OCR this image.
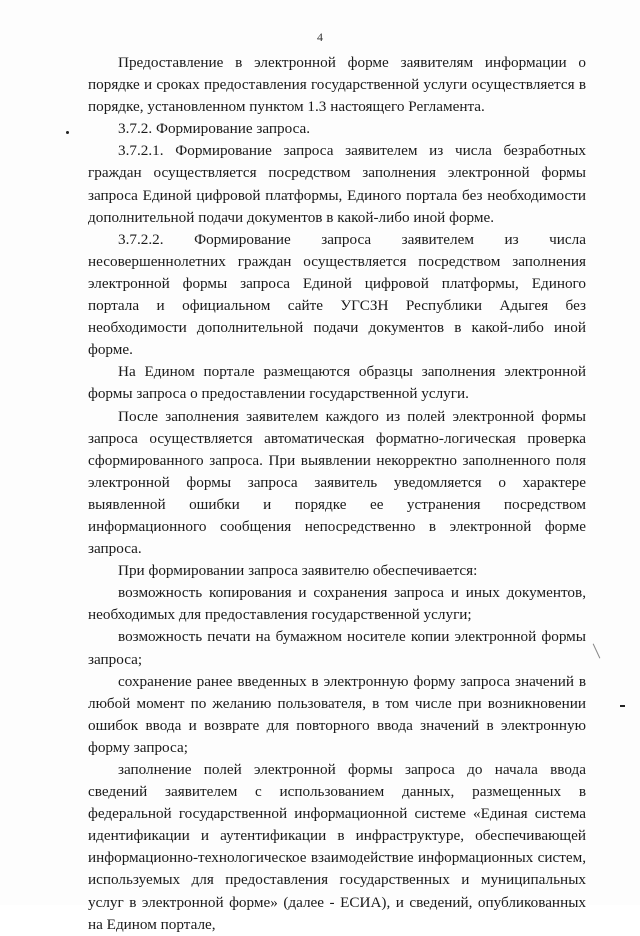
4

Предоставление в электронной форме заявителям информации о порядке и сроках предоставления государственной услуги осуществляется в порядке, установленном пунктом 1.3 настоящего Регламента.

3.7.2. Формирование запроса.

3.7.2.1. Формирование запроса заявителем из числа безработных граждан осуществляется посредством заполнения электронной формы запроса Единой цифровой платформы, Единого портала без необходимости дополнительной подачи документов в какой-либо иной форме.

3.7.2.2. Формирование запроса заявителем из числа несовершеннолетних граждан осуществляется посредством заполнения электронной формы запроса Единой цифровой платформы, Единого портала и официальном сайте УГСЗН Республики Адыгея без необходимости дополнительной подачи документов в какой-либо иной форме.

На Едином портале размещаются образцы заполнения электронной формы запроса о предоставлении государственной услуги.

После заполнения заявителем каждого из полей электронной формы запроса осуществляется автоматическая форматно-логическая проверка сформированного запроса. При выявлении некорректно заполненного поля электронной формы запроса заявитель уведомляется о характере выявленной ошибки и порядке ее устранения посредством информационного сообщения непосредственно в электронной форме запроса.

При формировании запроса заявителю обеспечивается:

возможность копирования и сохранения запроса и иных документов, необходимых для предоставления государственной услуги;

возможность печати на бумажном носителе копии электронной формы запроса;

сохранение ранее введенных в электронную форму запроса значений в любой момент по желанию пользователя, в том числе при возникновении ошибок ввода и возврате для повторного ввода значений в электронную форму запроса;

заполнение полей электронной формы запроса до начала ввода сведений заявителем с использованием данных, размещенных в федеральной государственной информационной системе «Единая система идентификации и аутентификации в инфраструктуре, обеспечивающей информационно-технологическое взаимодействие информационных систем, используемых для предоставления государственных и муниципальных услуг в электронной форме» (далее - ЕСИА), и сведений, опубликованных на Едином портале,
